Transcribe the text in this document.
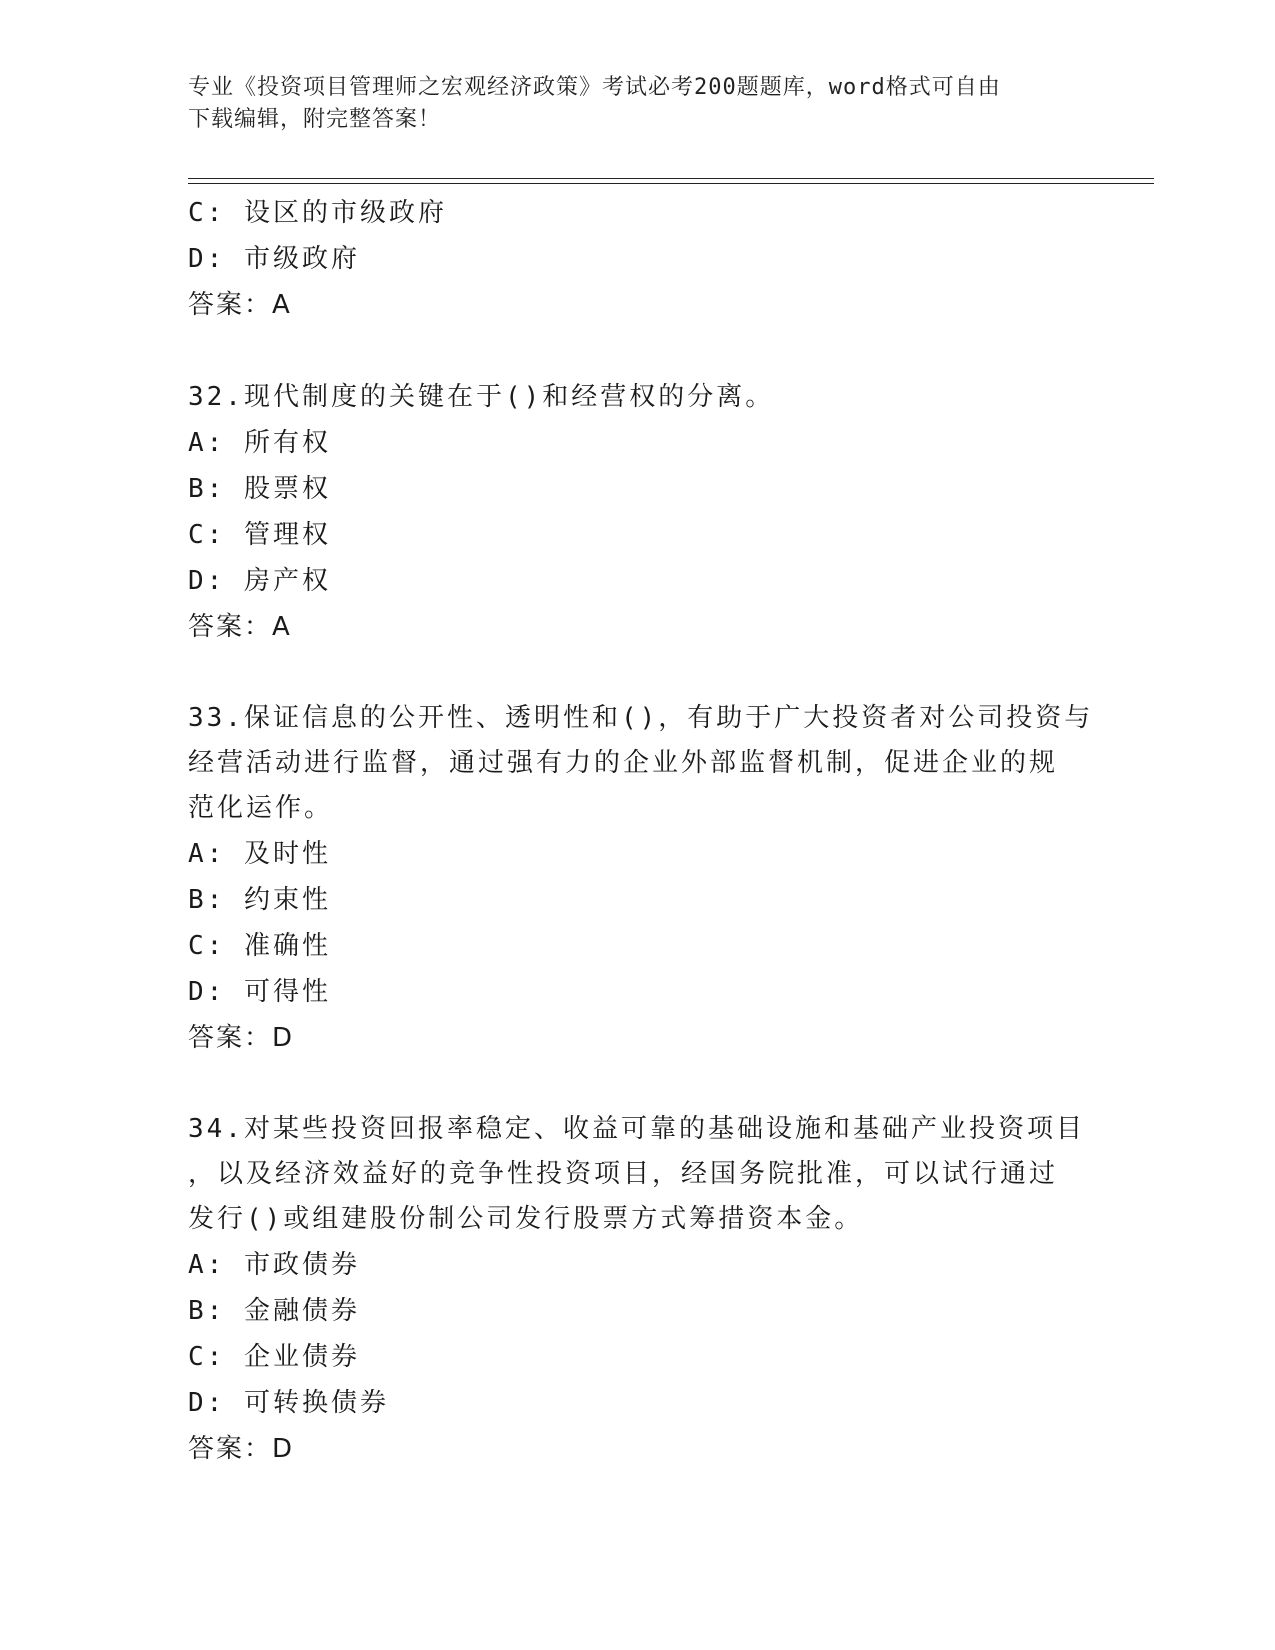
专业《投资项目管理师之宏观经济政策》考试必考200题题库，word格式可自由
下载编辑，附完整答案！
C: 设区的市级政府
D: 市级政府
答案：A
32.现代制度的关键在于()和经营权的分离。
A: 所有权
B: 股票权
C: 管理权
D: 房产权
答案：A
33.保证信息的公开性、透明性和()，有助于广大投资者对公司投资与
经营活动进行监督，通过强有力的企业外部监督机制，促进企业的规
范化运作。
A: 及时性
B: 约束性
C: 准确性
D: 可得性
答案：D
34.对某些投资回报率稳定、收益可靠的基础设施和基础产业投资项目
，以及经济效益好的竞争性投资项目，经国务院批准，可以试行通过
发行()或组建股份制公司发行股票方式筹措资本金。
A: 市政债券
B: 金融债券
C: 企业债券
D: 可转换债券
答案：D
